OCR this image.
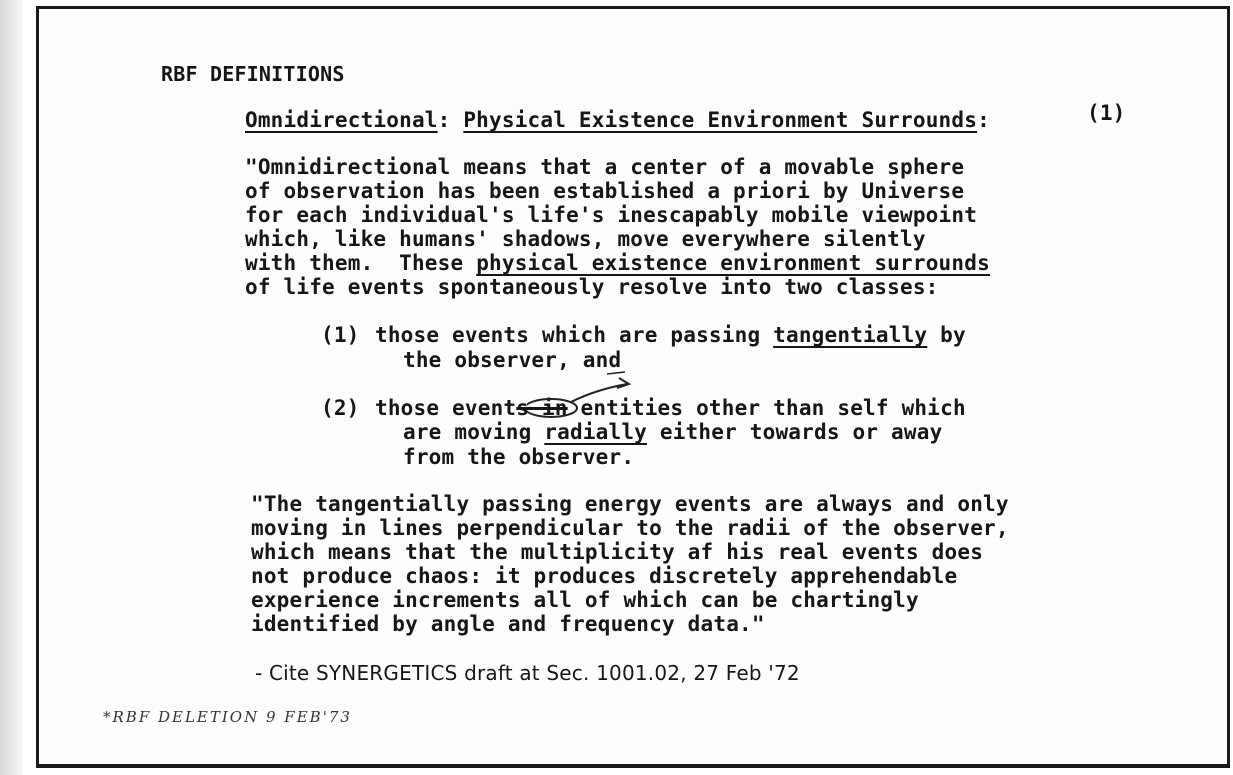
RBF DEFINITIONS
Omnidirectional: Physical Existence Environment Surrounds:	(1)
"Omnidirectional means that a center of a movable sphere
of observation has been established a priori by Universe
for each individual's life's inescapably mobile viewpoint
which, like humans' shadows, move everywhere silently
with them.  These physical existence environment surrounds
of life events spontaneously resolve into two classes:
(1) those events which are passing tangentially by
the observer, and
(2) those events in entities other than self which
are moving radially either towards or away
from the observer.
"The tangentially passing energy events are always and only
moving in lines perpendicular to the radii of the observer,
which means that the multiplicity af his real events does
not produce chaos: it produces discretely apprehendable
experience increments all of which can be chartingly
identified by angle and frequency data."
- Cite SYNERGETICS draft at Sec. 1001.02, 27 Feb '72
*RBF DELETION 9 FEB'73
